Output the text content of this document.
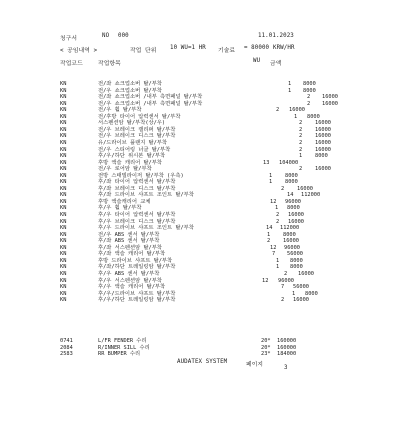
청구서	NO 000	11.01.2023
< 공임내역 >	작업 단위 10 WU=1 HR 기술료 = 80000 KRW/HR
작업코드	작업항목	WU 금액
KN	전/좌 쇼크업소버 탈/부착	1 8000
KN	전/우 쇼크업소버 탈/부착	1 8000
KN	전/좌 쇼크업소버 /내부 측면패널 탈/부착	2 16000
KN	전/우 쇼크업소버 /내부 측면패널 탈/부착	2 16000
KN	전/우 휠 탈/부착	2 16000
KN	전/후방 타이어 압력센서 탈/부착	1 8000
KN	서스펜션암 탈/부착(상/우)	2 16000
KN	전/우 브레이크 캘리퍼 탈/부착	2 16000
KN	전/우 브레이크 디스크 탈/부착	2 16000
KN	유/드라이브 플랜지 탈/부착	2 16000
KN	전/우 스티어링 너클 탈/부착	2 16000
KN	후/우/하단 위시본 탈/부착	1 8000
KN	후방 액슬 캐리어 탈/부착	13 104000
KN	전/우 로어암 탈/부착	2 16000
KN	전방 스태빌라이저 탈/부착 (우측)	1 8000
KN	후/좌 타이어 압력센서 탈/부착	1 8000
KN	후/좌 브레이크 디스크 탈/부착	2 16000
KN	후/좌 드라이브 샤프트 조인트 탈/부착	14 112000
KN	후방 액슬캐리어 교체	12 96000
KN	후/우 휠 탈/부착	1 8000
KN	후/우 타이어 압력센서 탈/부착	2 16000
KN	후/우 브레이크 디스크 탈/부착	2 16000
KN	후/우 드라이브 샤프트 조인트 탈/부착	14 112000
KN	전/우 ABS 센서 탈/부착	1 8000
KN	후/좌 ABS 센서 탈/부착	2 16000
KN	후/좌 서스펜션암 탈/부착	12 96000
KN	후/좌 액슬 캐리어 탈/부착	7 56000
KN	후방 드라이브 샤프트 탈/부착	1 8000
KN	후/좌/하단 트레일링암 탈/부착	1 8000
KN	후/우 ABS 센서 탈/부착	2 16000
KN	후/우 서스펜션암 탈/부착	12 96000
KN	후/우 액슬 캐리어 탈/부착	7 56000
KN	후/우/드라이브 샤프트 탈/부착	1 8000
KN	후/우/하단 트레일링암 탈/부착	2 16000
0741	L/FR FENDER 수리	20* 160000
2084	R/INNER SILL 수리	20* 160000
2583	RR BUMPER 수리	23* 184000
AUDATEX SYSTEM	페이지	3
